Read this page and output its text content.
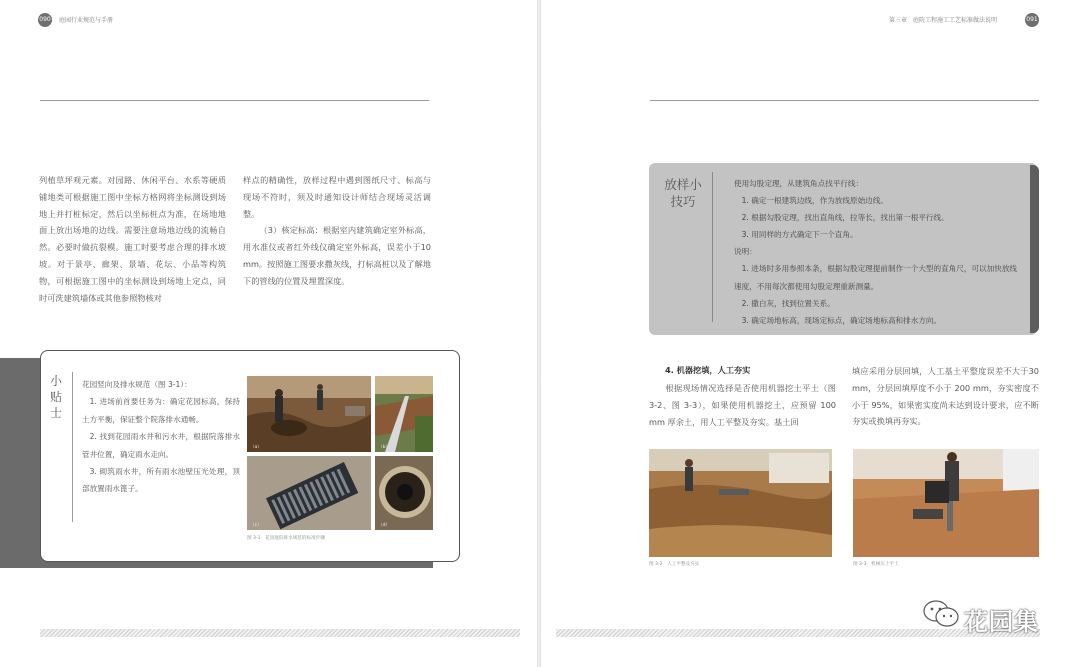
090 庭园行业规范与手册

列植草坪观元素。对园路、休闲平台、水系等硬质铺地类可根据施工图中坐标方格网将坐标测设到场地上并打桩标定，然后以坐标桩点为准，在场地地面上放出场地的边线。需要注意场地边线的流畅自然。必要时做抗裂模。施工时要考虑合理的排水坡坡。对于景亭、廊架、景墙、花坛、小品等构筑物，可根据施工图中的坐标测设到场地上定点，同时可洗建筑墙体或其他参照物核对

样点的精确性，放样过程中遇到图纸尺寸、标高与现场不符时，须及时通知设计师结合现场灵活调整。

（3）核定标高：根据室内建筑确定室外标高，用水准仪或者红外线仪确定室外标高，误差小于10 mm。按照施工图要求撒灰线，打标高桩以及了解地下的管线的位置及埋置深度。

小贴士

花园竖向及排水规范（图 3-1）：

1. 进场前首要任务为：确定花园标高，保持土方平衡，保证整个院落排水通畅。

2. 找到花园雨水井和污水井，根据院落排水管井位置，确定雨水走向。

3. 砌筑雨水井，所有雨水池壁压光处理，顶部放置雨水篦子。

（a）	（b）
（c）	（d）
图 3-1　花园庭院排水规范的标准步骤
第三章　庭院工程施工工艺标准做法说明	091
放样小技巧

使用勾股定理，从建筑角点找平行线：

1. 确定一根建筑边线，作为放线原始边线。

2. 根据勾股定理，找出直角线，拉等长，找出第一根平行线。

3. 用同样的方式确定下一个直角。

说明：

1. 进场时多用参照本条，根据勾股定理提前制作一个大型的直角尺，可以加快放线速度，不用每次都使用勾股定理重新测量。

2. 撒白灰，找到位置关系。

3. 确定场地标高，现场定标点，确定场地标高和排水方向。

4. 机器挖填，人工夯实

根据现场情况选择是否使用机器挖土平土（图 3-2、图 3-3），如果使用机器挖土，应预留 100 mm 厚余土，用人工平整及夯实。基土回

填应采用分层回填，人工基土平整度误差不大于30 mm，分层回填厚度不小于 200 mm，夯实密度不小于 95%，如果密实度尚未达到设计要求，应不断夯实或换填再夯实。

图 3-2　人工平整及夯实	图 3-3　机械压土平土
花园集
